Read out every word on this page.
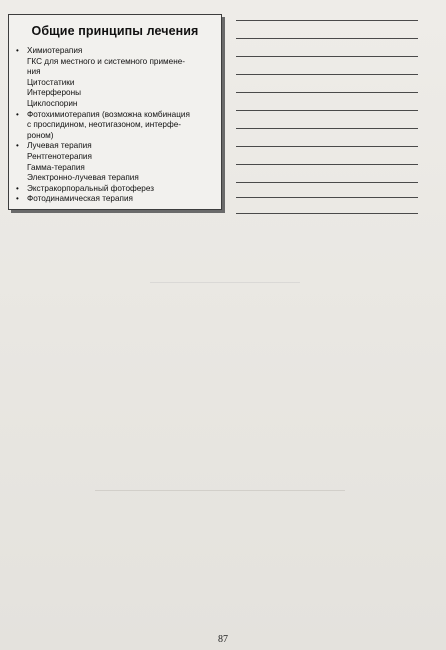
Общие принципы лечения
• Химиотерапия
ГКС для местного и системного примене-
ния
Цитостатики
Интерфероны
Циклоспорин
• Фотохимиотерапия (возможна комбинация
с проспидином, неотигазоном, интерфе-
роном)
• Лучевая терапия
Рентгенотерапия
Гамма-терапия
Электронно-лучевая терапия
• Экстракорпоральный фотоферез
• Фотодинамическая терапия
87
